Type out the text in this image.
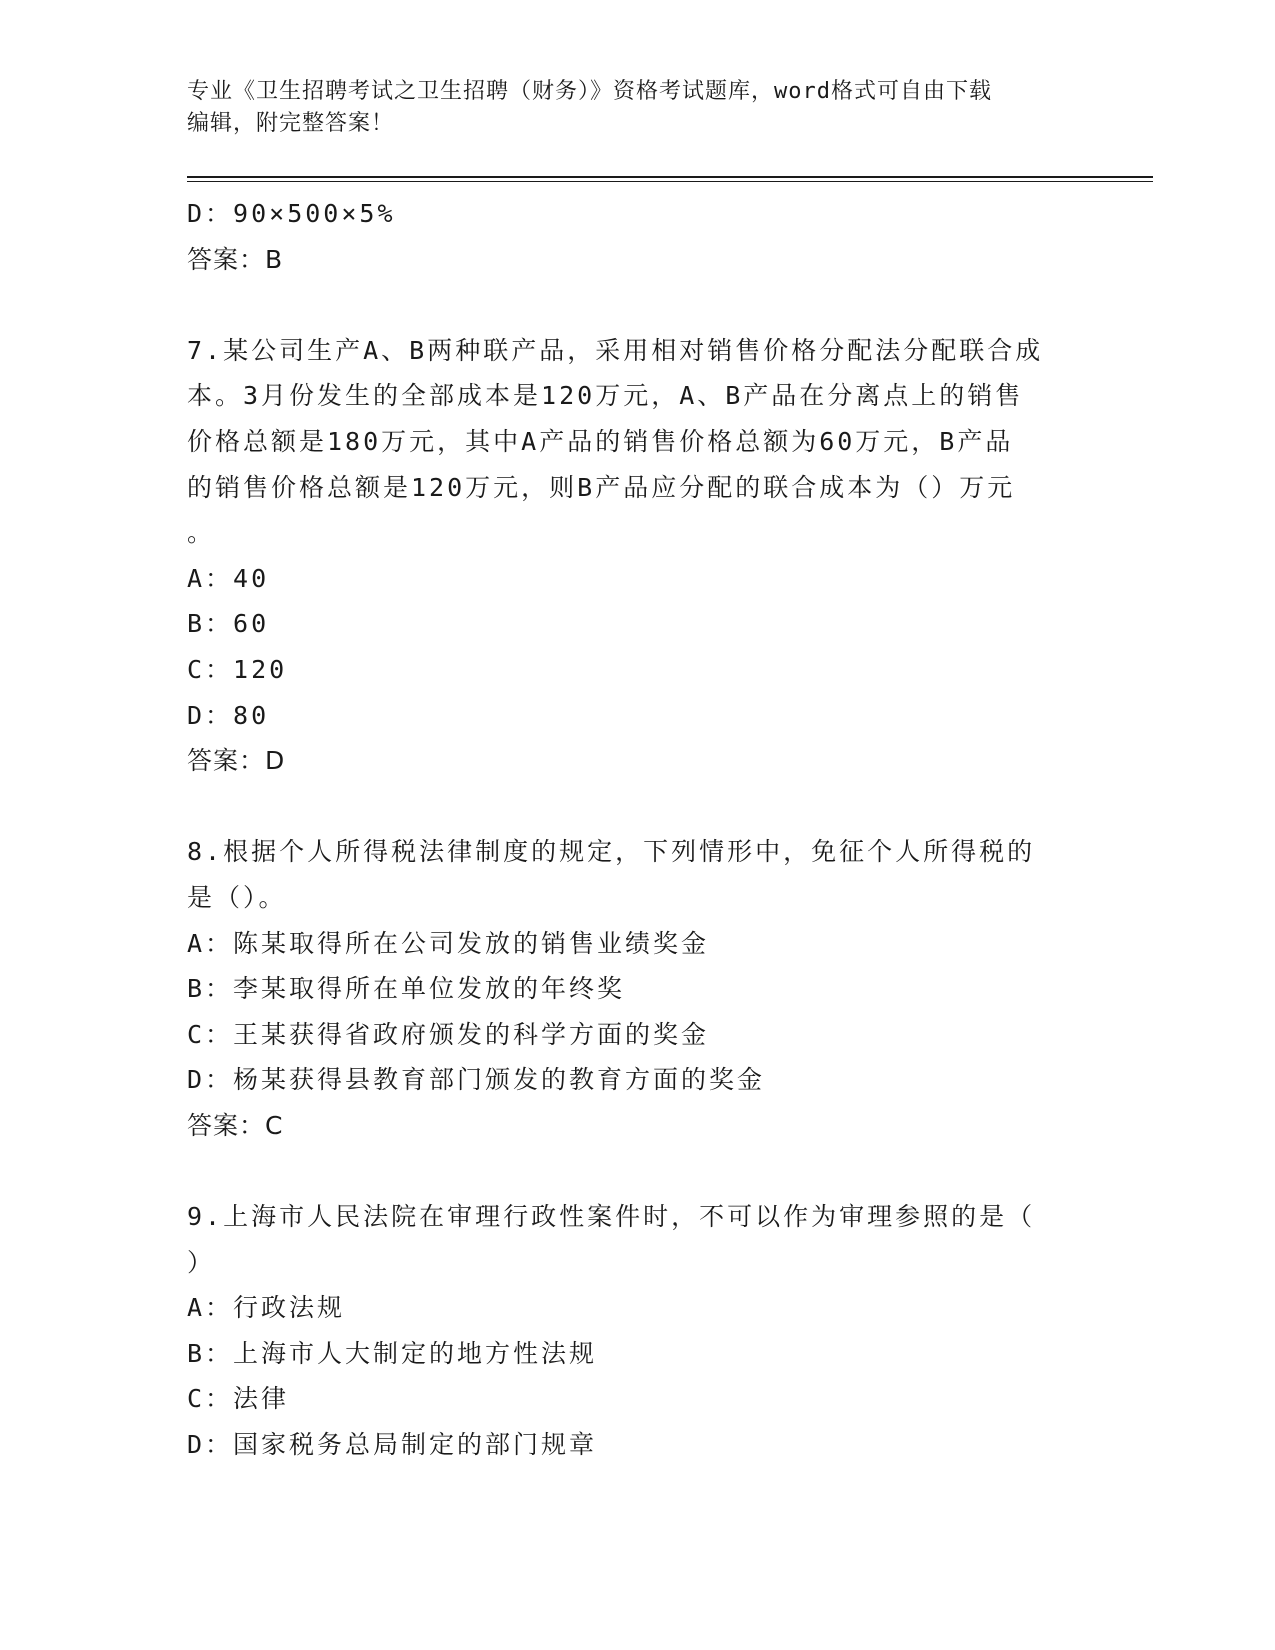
专业《卫生招聘考试之卫生招聘（财务）》资格考试题库，word格式可自由下载
编辑，附完整答案！
D：90×500×5%
答案：B
7.某公司生产A、B两种联产品，采用相对销售价格分配法分配联合成
本。3月份发生的全部成本是120万元，A、B产品在分离点上的销售
价格总额是180万元，其中A产品的销售价格总额为60万元，B产品
的销售价格总额是120万元，则B产品应分配的联合成本为（）万元
。
A：40
B：60
C：120
D：80
答案：D
8.根据个人所得税法律制度的规定，下列情形中，免征个人所得税的
是（）。
A：陈某取得所在公司发放的销售业绩奖金
B：李某取得所在单位发放的年终奖
C：王某获得省政府颁发的科学方面的奖金
D：杨某获得县教育部门颁发的教育方面的奖金
答案：C
9.上海市人民法院在审理行政性案件时，不可以作为审理参照的是（
）
A：行政法规
B：上海市人大制定的地方性法规
C：法律
D：国家税务总局制定的部门规章
